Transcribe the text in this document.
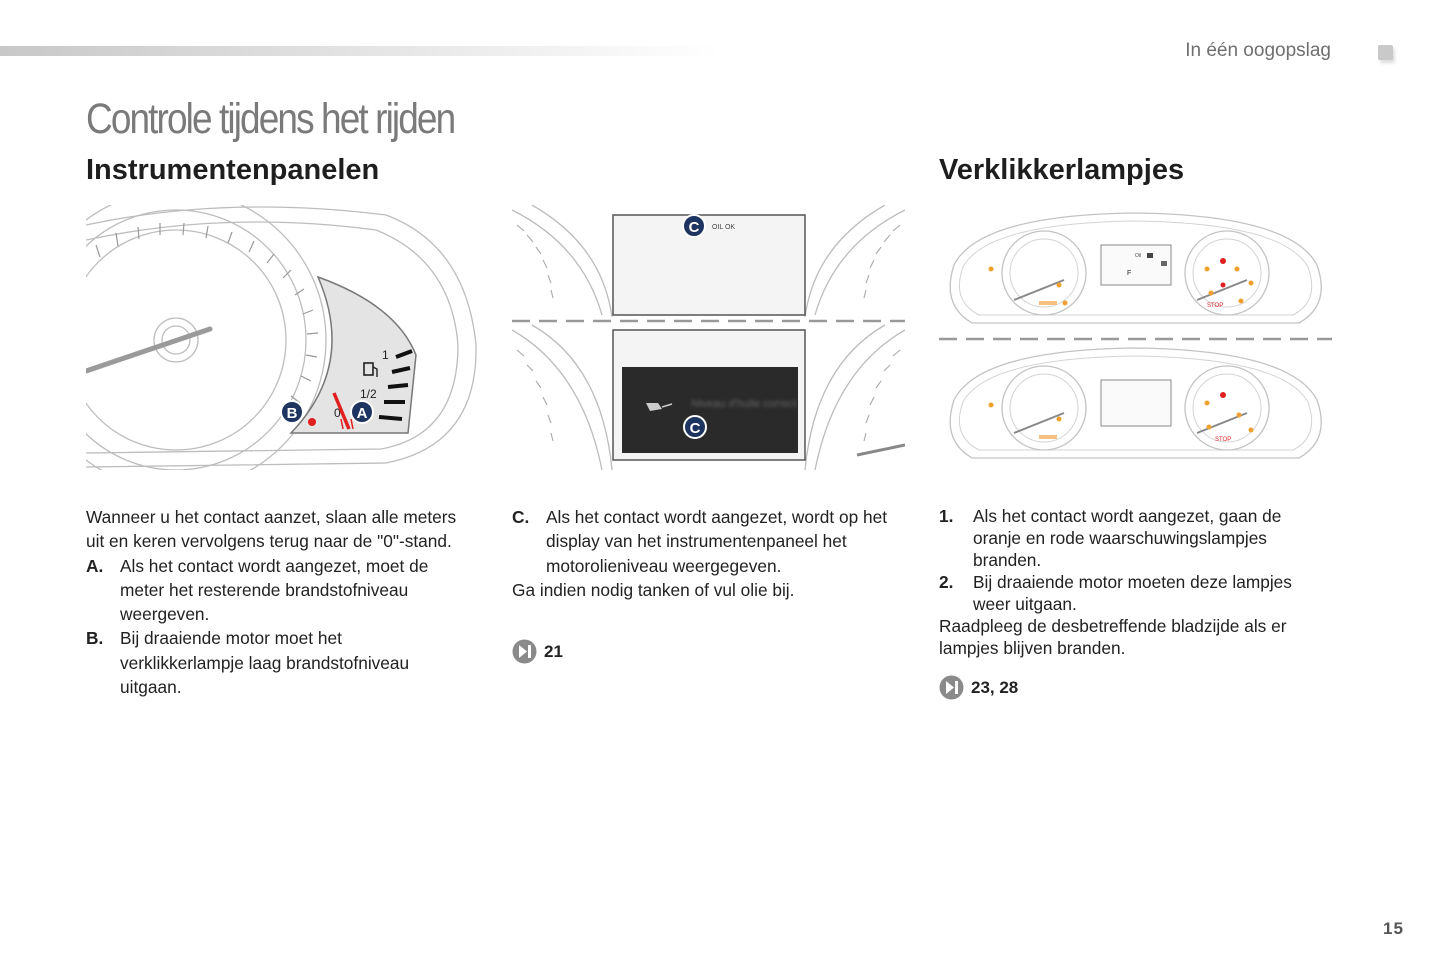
In één oogopslag
Controle tijdens het rijden
Instrumentenpanelen	Verklikkerlampjes
1
1/2
0
B	A
OIL OK
Niveau d'huile correct
C
C
Oil
F
STOP
STOP

Wanneer u het contact aanzet, slaan alle meters uit en keren vervolgens terug naar de "0"-stand.

A. Als het contact wordt aangezet, moet de meter het resterende brandstofniveau weergeven.
B. Bij draaiende motor moet het verklikkerlampje laag brandstofniveau uitgaan.
C. Als het contact wordt aangezet, wordt op het display van het instrumentenpaneel het motorolieniveau weergegeven.

Ga indien nodig tanken of vul olie bij.

21
1.	Als het contact wordt aangezet, gaan de oranje en rode waarschuwingslampjes branden.
2.	Bij draaiende motor moeten deze lampjes weer uitgaan.

Raadpleeg de desbetreffende bladzijde als er lampjes blijven branden.

23, 28
15
